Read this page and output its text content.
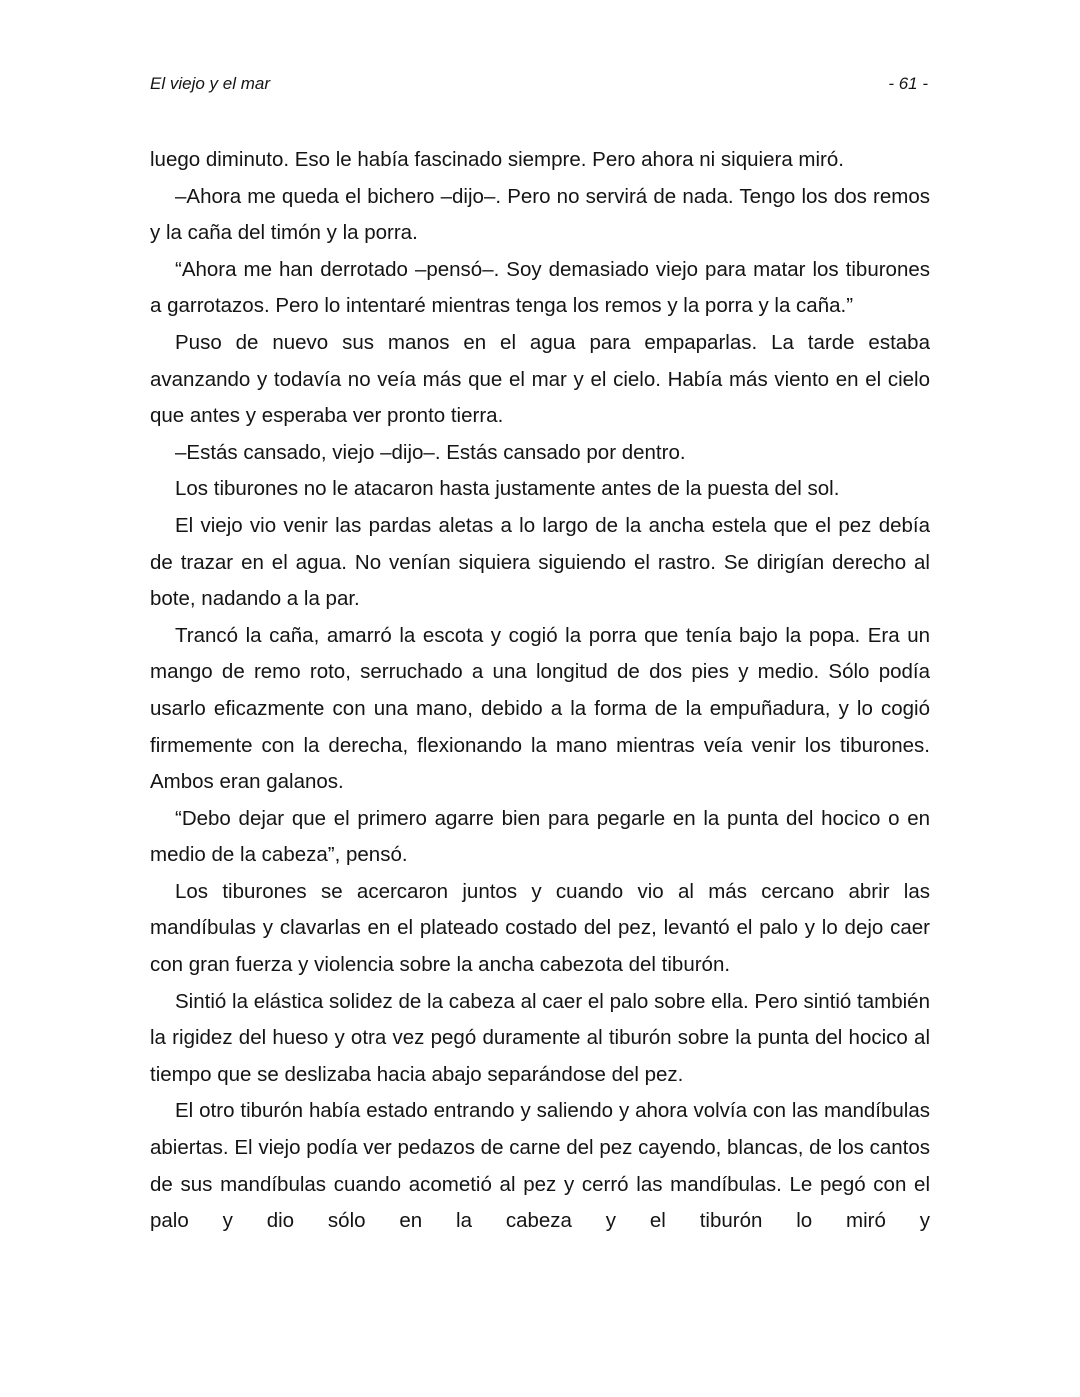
El viejo y el mar	- 61 -

luego diminuto. Eso le había fascinado siempre. Pero ahora ni siquiera miró.

–Ahora me queda el bichero –dijo–. Pero no servirá de nada. Tengo los dos remos y la caña del timón y la porra.

“Ahora me han derrotado –pensó–. Soy demasiado viejo para matar los tiburones a garrotazos. Pero lo intentaré mientras tenga los remos y la porra y la caña.”

Puso de nuevo sus manos en el agua para empaparlas. La tarde estaba avanzando y todavía no veía más que el mar y el cielo. Había más viento en el cielo que antes y esperaba ver pronto tierra.

–Estás cansado, viejo –dijo–. Estás cansado por dentro.

Los tiburones no le atacaron hasta justamente antes de la puesta del sol.

El viejo vio venir las pardas aletas a lo largo de la ancha estela que el pez debía de trazar en el agua. No venían siquiera siguiendo el rastro. Se dirigían derecho al bote, nadando a la par.

Trancó la caña, amarró la escota y cogió la porra que tenía bajo la popa. Era un mango de remo roto, serruchado a una longitud de dos pies y medio. Sólo podía usarlo eficazmente con una mano, debido a la forma de la empuñadura, y lo cogió firmemente con la derecha, flexionando la mano mientras veía venir los tiburones. Ambos eran galanos.

“Debo dejar que el primero agarre bien para pegarle en la punta del hocico o en medio de la cabeza”, pensó.

Los tiburones se acercaron juntos y cuando vio al más cercano abrir las mandíbulas y clavarlas en el plateado costado del pez, levantó el palo y lo dejo caer con gran fuerza y violencia sobre la ancha cabezota del tiburón.

Sintió la elástica solidez de la cabeza al caer el palo sobre ella. Pero sintió también la rigidez del hueso y otra vez pegó duramente al tiburón sobre la punta del hocico al tiempo que se deslizaba hacia abajo separándose del pez.

El otro tiburón había estado entrando y saliendo y ahora volvía con las mandíbulas abiertas. El viejo podía ver pedazos de carne del pez cayendo, blancas, de los cantos de sus mandíbulas cuando acometió al pez y cerró las mandíbulas. Le pegó con el palo y dio sólo en la cabeza y el tiburón lo miró y
